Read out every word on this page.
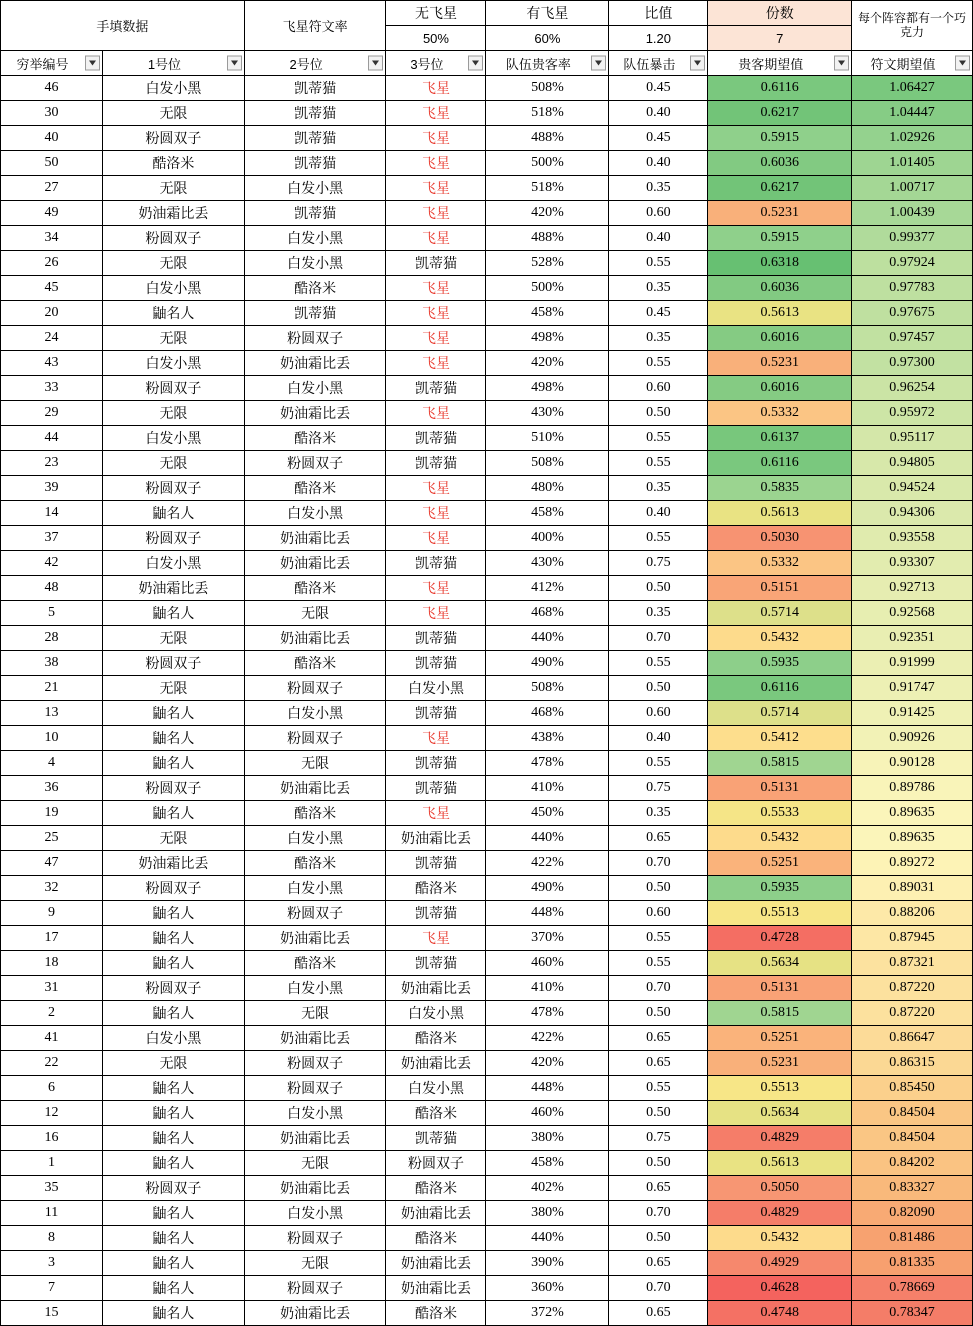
手填数据		飞星符文率	无飞星	有飞星	比值	份数	每个阵容都有一个巧克力
			50%	60%	1.20	7	
穷举编号	1号位	2号位	3号位	队伍贵客率	队伍暴击	贵客期望值	符文期望值

46	白发小黑	凯蒂猫	飞星	508%	0.45	0.6116	1.06427
30	无限	凯蒂猫	飞星	518%	0.40	0.6217	1.04447
40	粉圆双子	凯蒂猫	飞星	488%	0.45	0.5915	1.02926
50	酷洛米	凯蒂猫	飞星	500%	0.40	0.6036	1.01405
27	无限	白发小黑	飞星	518%	0.35	0.6217	1.00717
49	奶油霜比丢	凯蒂猫	飞星	420%	0.60	0.5231	1.00439
34	粉圆双子	白发小黑	飞星	488%	0.40	0.5915	0.99377
26	无限	白发小黑	凯蒂猫	528%	0.55	0.6318	0.97924
45	白发小黑	酷洛米	飞星	500%	0.35	0.6036	0.97783
20	鼬名人	凯蒂猫	飞星	458%	0.45	0.5613	0.97675
24	无限	粉圆双子	飞星	498%	0.35	0.6016	0.97457
43	白发小黑	奶油霜比丢	飞星	420%	0.55	0.5231	0.97300
33	粉圆双子	白发小黑	凯蒂猫	498%	0.60	0.6016	0.96254
29	无限	奶油霜比丢	飞星	430%	0.50	0.5332	0.95972
44	白发小黑	酷洛米	凯蒂猫	510%	0.55	0.6137	0.95117
23	无限	粉圆双子	凯蒂猫	508%	0.55	0.6116	0.94805
39	粉圆双子	酷洛米	飞星	480%	0.35	0.5835	0.94524
14	鼬名人	白发小黑	飞星	458%	0.40	0.5613	0.94306
37	粉圆双子	奶油霜比丢	飞星	400%	0.55	0.5030	0.93558
42	白发小黑	奶油霜比丢	凯蒂猫	430%	0.75	0.5332	0.93307
48	奶油霜比丢	酷洛米	飞星	412%	0.50	0.5151	0.92713
5	鼬名人	无限	飞星	468%	0.35	0.5714	0.92568
28	无限	奶油霜比丢	凯蒂猫	440%	0.70	0.5432	0.92351
38	粉圆双子	酷洛米	凯蒂猫	490%	0.55	0.5935	0.91999
21	无限	粉圆双子	白发小黑	508%	0.50	0.6116	0.91747
13	鼬名人	白发小黑	凯蒂猫	468%	0.60	0.5714	0.91425
10	鼬名人	粉圆双子	飞星	438%	0.40	0.5412	0.90926
4	鼬名人	无限	凯蒂猫	478%	0.55	0.5815	0.90128
36	粉圆双子	奶油霜比丢	凯蒂猫	410%	0.75	0.5131	0.89786
19	鼬名人	酷洛米	飞星	450%	0.35	0.5533	0.89635
25	无限	白发小黑	奶油霜比丢	440%	0.65	0.5432	0.89635
47	奶油霜比丢	酷洛米	凯蒂猫	422%	0.70	0.5251	0.89272
32	粉圆双子	白发小黑	酷洛米	490%	0.50	0.5935	0.89031
9	鼬名人	粉圆双子	凯蒂猫	448%	0.60	0.5513	0.88206
17	鼬名人	奶油霜比丢	飞星	370%	0.55	0.4728	0.87945
18	鼬名人	酷洛米	凯蒂猫	460%	0.55	0.5634	0.87321
31	粉圆双子	白发小黑	奶油霜比丢	410%	0.70	0.5131	0.87220
2	鼬名人	无限	白发小黑	478%	0.50	0.5815	0.87220
41	白发小黑	奶油霜比丢	酷洛米	422%	0.65	0.5251	0.86647
22	无限	粉圆双子	奶油霜比丢	420%	0.65	0.5231	0.86315
6	鼬名人	粉圆双子	白发小黑	448%	0.55	0.5513	0.85450
12	鼬名人	白发小黑	酷洛米	460%	0.50	0.5634	0.84504
16	鼬名人	奶油霜比丢	凯蒂猫	380%	0.75	0.4829	0.84504
1	鼬名人	无限	粉圆双子	458%	0.50	0.5613	0.84202
35	粉圆双子	奶油霜比丢	酷洛米	402%	0.65	0.5050	0.83327
11	鼬名人	白发小黑	奶油霜比丢	380%	0.70	0.4829	0.82090
8	鼬名人	粉圆双子	酷洛米	440%	0.50	0.5432	0.81486
3	鼬名人	无限	奶油霜比丢	390%	0.65	0.4929	0.81335
7	鼬名人	粉圆双子	奶油霜比丢	360%	0.70	0.4628	0.78669
15	鼬名人	奶油霜比丢	酷洛米	372%	0.65	0.4748	0.78347
